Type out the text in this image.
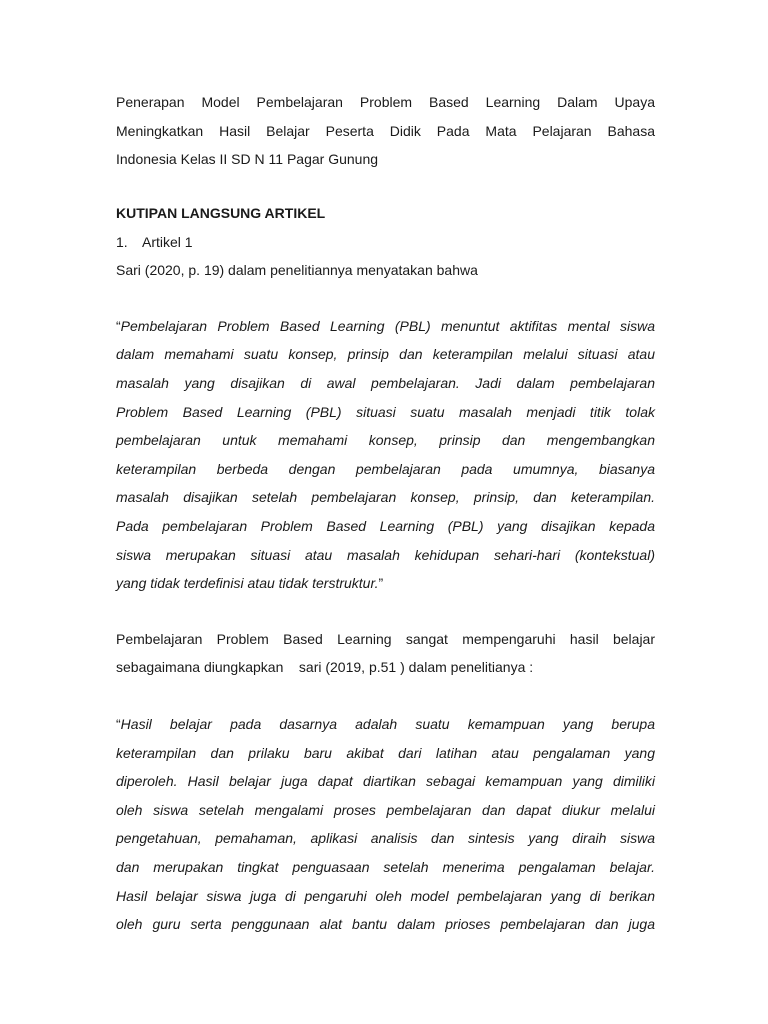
Penerapan Model Pembelajaran Problem Based Learning Dalam Upaya
Meningkatkan Hasil Belajar Peserta Didik Pada Mata Pelajaran Bahasa
Indonesia Kelas II SD N 11 Pagar Gunung

KUTIPAN LANGSUNG ARTIKEL

1. Artikel 1

Sari (2020, p. 19) dalam penelitiannya menyatakan bahwa

“Pembelajaran Problem Based Learning (PBL) menuntut aktifitas mental siswa
dalam memahami suatu konsep, prinsip dan keterampilan melalui situasi atau
masalah yang disajikan di awal pembelajaran. Jadi dalam pembelajaran
Problem Based Learning (PBL) situasi suatu masalah menjadi titik tolak
pembelajaran untuk memahami konsep, prinsip dan mengembangkan
keterampilan berbeda dengan pembelajaran pada umumnya, biasanya
masalah disajikan setelah pembelajaran konsep, prinsip, dan keterampilan.
Pada pembelajaran Problem Based Learning (PBL) yang disajikan kepada
siswa merupakan situasi atau masalah kehidupan sehari-hari (kontekstual)
yang tidak terdefinisi atau tidak terstruktur.”
Pembelajaran Problem Based Learning sangat mempengaruhi hasil belajar
sebagaimana diungkapkan    sari (2019, p.51 ) dalam penelitianya :
“Hasil belajar pada dasarnya adalah suatu kemampuan yang berupa
keterampilan dan prilaku baru akibat dari latihan atau pengalaman yang
diperoleh. Hasil belajar juga dapat diartikan sebagai kemampuan yang dimiliki
oleh siswa setelah mengalami proses pembelajaran dan dapat diukur melalui
pengetahuan, pemahaman, aplikasi analisis dan sintesis yang diraih siswa
dan merupakan tingkat penguasaan setelah menerima pengalaman belajar.
Hasil belajar siswa juga di pengaruhi oleh model pembelajaran yang di berikan
oleh guru serta penggunaan alat bantu dalam prioses pembelajaran dan juga
